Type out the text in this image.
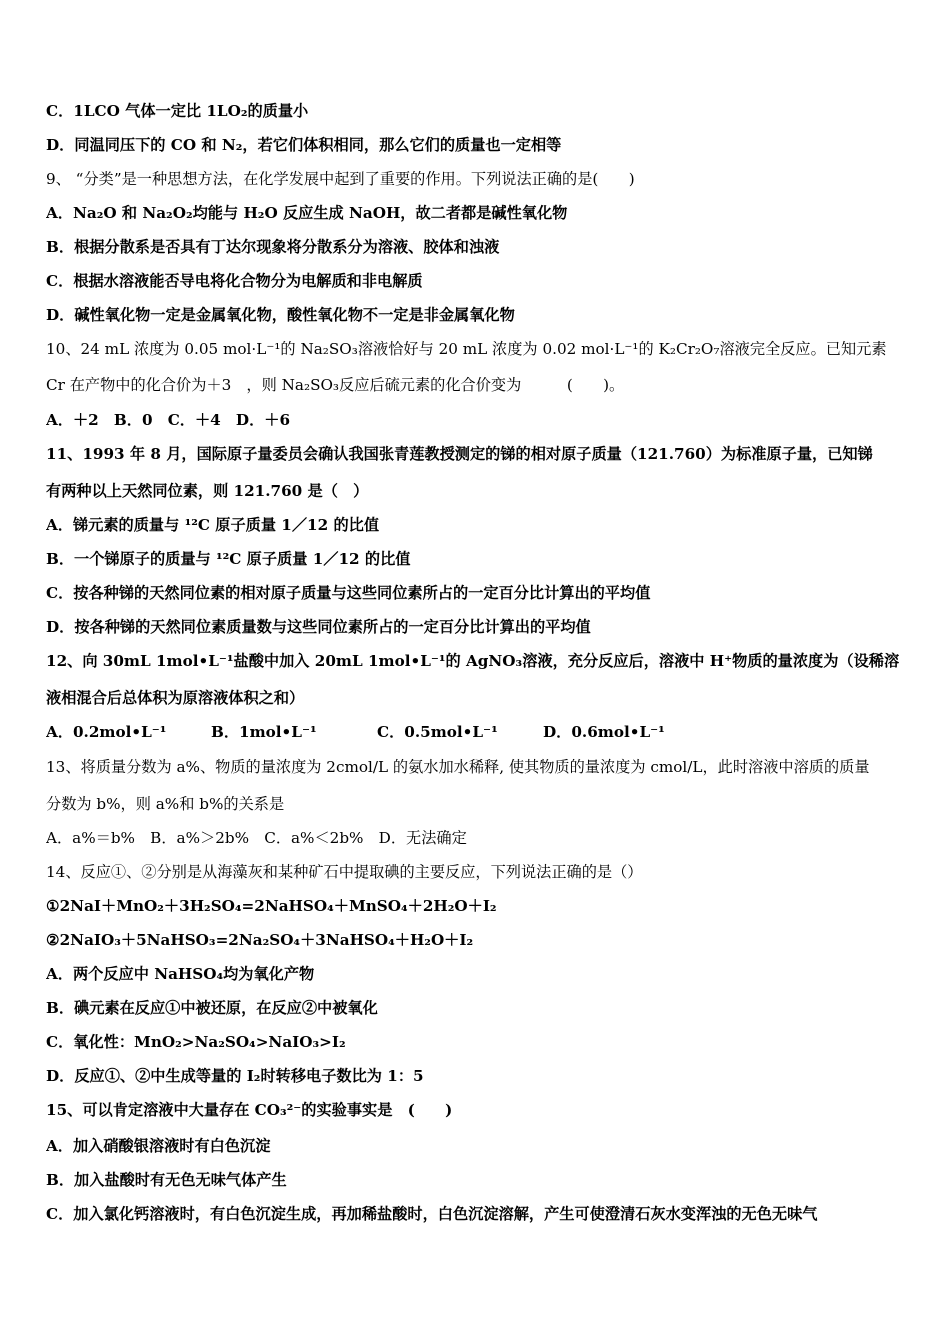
C．1LCO 气体一定比 1LO₂的质量小
D．同温同压下的 CO 和 N₂，若它们体积相同，那么它们的质量也一定相等
9、 “分类”是一种思想方法，在化学发展中起到了重要的作用。下列说法正确的是(　　)
A．Na₂O 和 Na₂O₂均能与 H₂O 反应生成 NaOH，故二者都是碱性氧化物
B．根据分散系是否具有丁达尔现象将分散系分为溶液、胶体和浊液
C．根据水溶液能否导电将化合物分为电解质和非电解质
D．碱性氧化物一定是金属氧化物，酸性氧化物不一定是非金属氧化物
10、24 mL 浓度为 0.05 mol·L⁻¹的 Na₂SO₃溶液恰好与 20 mL 浓度为 0.02 mol·L⁻¹的 K₂Cr₂O₇溶液完全反应。已知元素
Cr 在产物中的化合价为＋3　，则 Na₂SO₃反应后硫元素的化合价变为　　　(　　)。
A．＋2　B．0　C．＋4　D．＋6
11、1993 年 8 月，国际原子量委员会确认我国张青莲教授测定的锑的相对原子质量（121.760）为标准原子量，已知锑
有两种以上天然同位素，则 121.760 是（　）
A．锑元素的质量与 ¹²C 原子质量 1／12 的比值
B．一个锑原子的质量与 ¹²C 原子质量 1／12 的比值
C．按各种锑的天然同位素的相对原子质量与这些同位素所占的一定百分比计算出的平均值
D．按各种锑的天然同位素质量数与这些同位素所占的一定百分比计算出的平均值
12、向 30mL 1mol•L⁻¹盐酸中加入 20mL 1mol•L⁻¹的 AgNO₃溶液，充分反应后，溶液中 H⁺物质的量浓度为（设稀溶
液相混合后总体积为原溶液体积之和）
A．0.2mol•L⁻¹	B．1mol•L⁻¹	C．0.5mol•L⁻¹	D．0.6mol•L⁻¹
13、将质量分数为 a%、物质的量浓度为 2cmol/L 的氨水加水稀释, 使其物质的量浓度为 cmol/L，此时溶液中溶质的质量
分数为 b%，则 a%和 b%的关系是
A．a%＝b%　B．a%＞2b%　C．a%＜2b%　D．无法确定
14、反应①、②分别是从海藻灰和某种矿石中提取碘的主要反应，下列说法正确的是（）
①2NaI＋MnO₂＋3H₂SO₄=2NaHSO₄＋MnSO₄＋2H₂O＋I₂
②2NaIO₃＋5NaHSO₃=2Na₂SO₄＋3NaHSO₄＋H₂O＋I₂
A．两个反应中 NaHSO₄均为氧化产物
B．碘元素在反应①中被还原，在反应②中被氧化
C．氧化性：MnO₂>Na₂SO₄>NaIO₃>I₂
D．反应①、②中生成等量的 I₂时转移电子数比为 1：5
15、可以肯定溶液中大量存在 CO₃²⁻的实验事实是　(　　)
A．加入硝酸银溶液时有白色沉淀
B．加入盐酸时有无色无味气体产生
C．加入氯化钙溶液时，有白色沉淀生成，再加稀盐酸时，白色沉淀溶解，产生可使澄清石灰水变浑浊的无色无味气
